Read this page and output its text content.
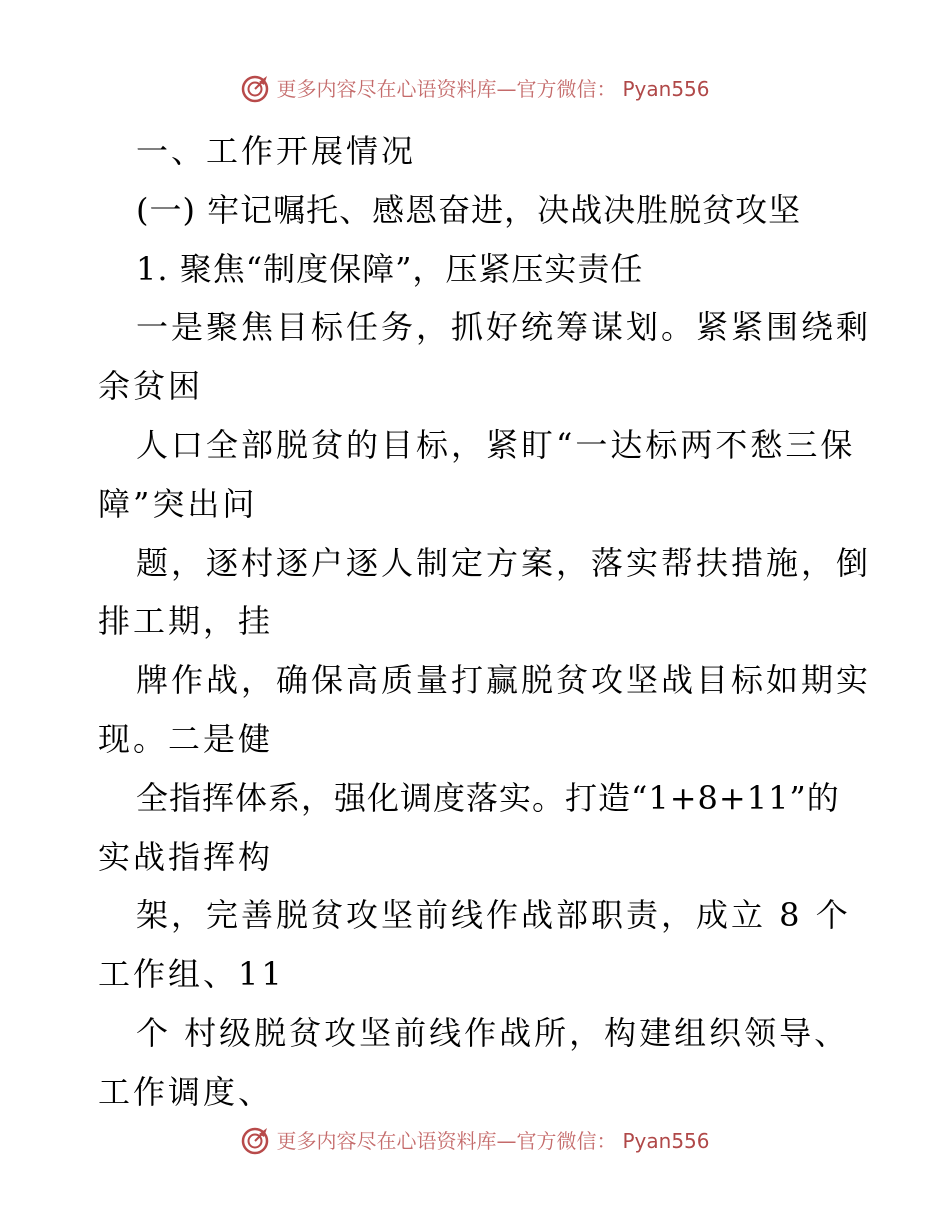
更多内容尽在心语资料库—官方微信： Pyan556
一、工作开展情况
(一) 牢记嘱托、感恩奋进，决战决胜脱贫攻坚
1. 聚焦“制度保障”，压紧压实责任
一是聚焦目标任务，抓好统筹谋划。紧紧围绕剩
余贫困
人口全部脱贫的目标，紧盯“一达标两不愁三保
障”突出问
题，逐村逐户逐人制定方案，落实帮扶措施，倒
排工期，挂
牌作战，确保高质量打赢脱贫攻坚战目标如期实
现。二是健
全指挥体系，强化调度落实。打造“1+8+11”的
实战指挥构
架，完善脱贫攻坚前线作战部职责，成立 8 个
工作组、11
个 村级脱贫攻坚前线作战所，构建组织领导、
工作调度、
更多内容尽在心语资料库—官方微信： Pyan556
